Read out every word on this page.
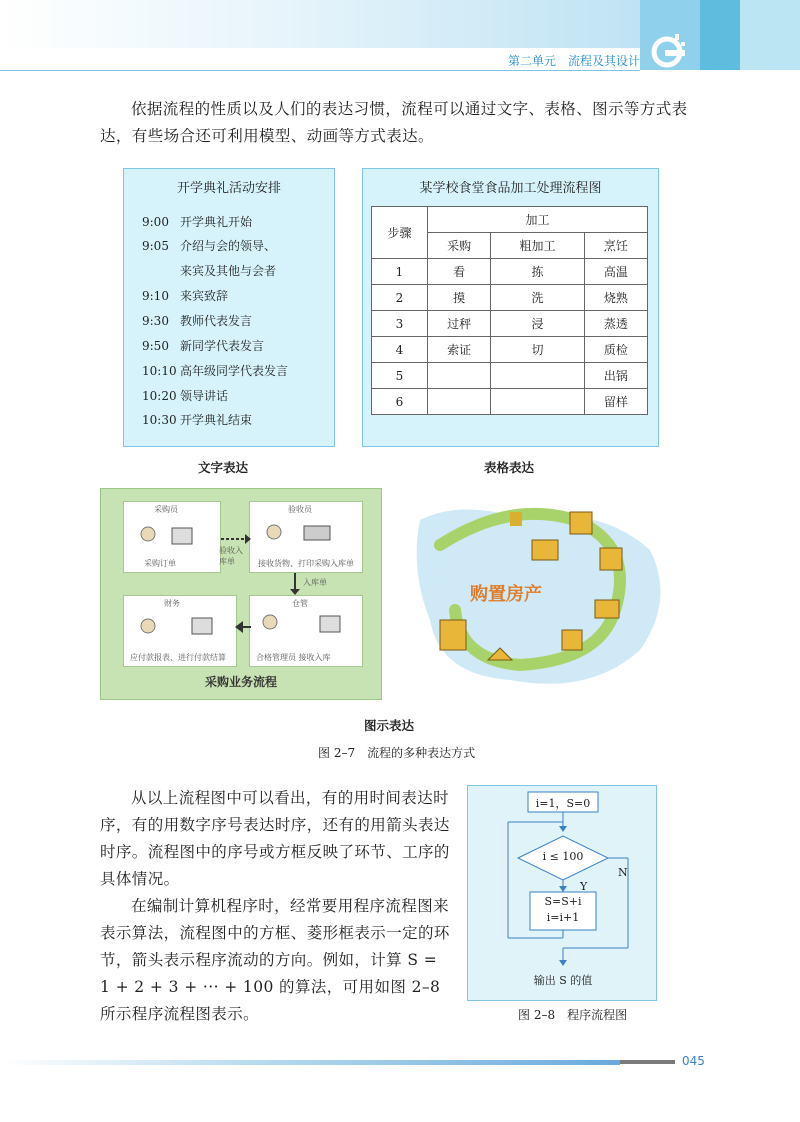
第二单元　流程及其设计
依据流程的性质以及人们的表达习惯，流程可以通过文字、表格、图示等方式表达，有些场合还可利用模型、动画等方式表达。
开学典礼活动安排
9:00 开学典礼开始
9:05 介绍与会的领导、
来宾及其他与会者
9:10 来宾致辞
9:30 教师代表发言
9:50 新同学代表发言
10:10 高年级同学代表发言
10:20 领导讲话
10:30 开学典礼结束
文字表达
某学校食堂食品加工处理流程图
步骤	加工		
	采购	粗加工	烹饪
1	看	拣	高温
2	摸	洗	烧熟
3	过秤	浸	蒸透
4	索证	切	质检
5			出锅
6			留样
表格表达
采购员
采购订单
验收员
接收货物、打印采购入库单
财务
应付款报表、进行付款结算
仓管
合格管理员 接收入库
验收入库单
入库单
采购业务流程
购置房产
图示表达
图 2–7　流程的多种表达方式
从以上流程图中可以看出，有的用时间表达时序，有的用数字序号表达时序，还有的用箭头表达时序。流程图中的序号或方框反映了环节、工序的具体情况。
在编制计算机程序时，经常要用程序流程图来表示算法，流程图中的方框、菱形框表示一定的环节，箭头表示程序流动的方向。例如，计算 S = 1 + 2 + 3 + ··· + 100 的算法，可用如图 2–8 所示程序流程图表示。
i=1，S=0
i ≤ 100
Y
N
S=S+i
i=i+1
输出 S 的值
图 2–8　程序流程图
045
